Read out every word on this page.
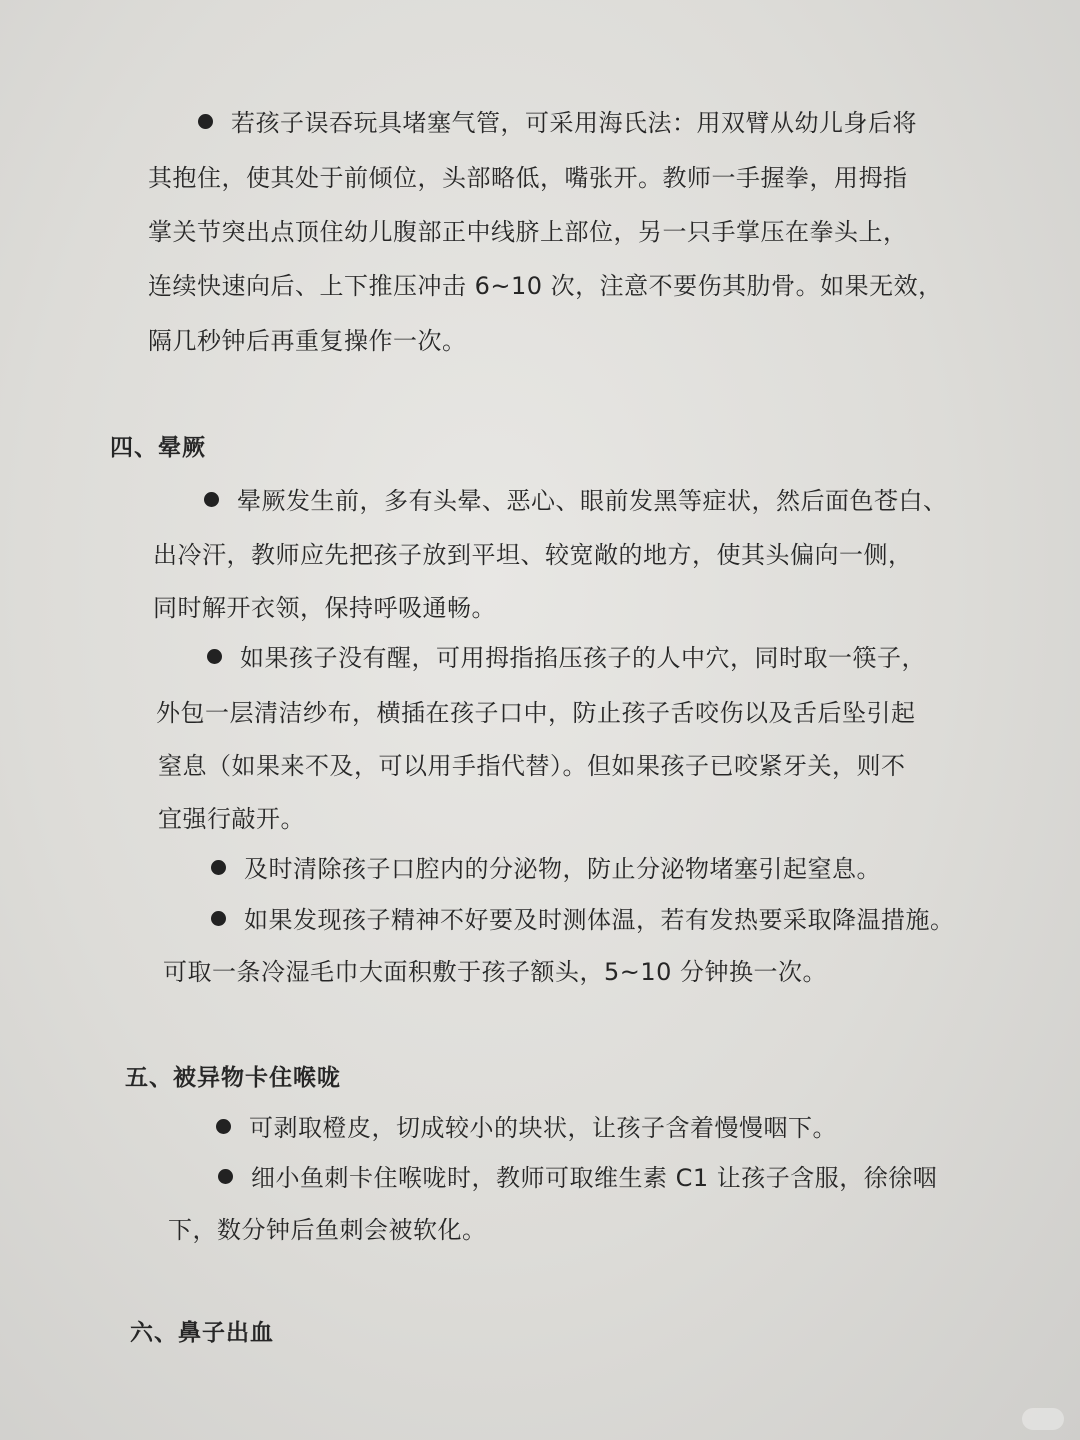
若孩子误吞玩具堵塞气管，可采用海氏法：用双臂从幼儿身后将
其抱住，使其处于前倾位，头部略低，嘴张开。教师一手握拳，用拇指
掌关节突出点顶住幼儿腹部正中线脐上部位，另一只手掌压在拳头上，
连续快速向后、上下推压冲击 6~10 次，注意不要伤其肋骨。如果无效，
隔几秒钟后再重复操作一次。
四、晕厥
晕厥发生前，多有头晕、恶心、眼前发黑等症状，然后面色苍白、
出冷汗，教师应先把孩子放到平坦、较宽敞的地方，使其头偏向一侧，
同时解开衣领，保持呼吸通畅。
如果孩子没有醒，可用拇指掐压孩子的人中穴，同时取一筷子，
外包一层清洁纱布，横插在孩子口中，防止孩子舌咬伤以及舌后坠引起
窒息（如果来不及，可以用手指代替）。但如果孩子已咬紧牙关，则不
宜强行敲开。
及时清除孩子口腔内的分泌物，防止分泌物堵塞引起窒息。
如果发现孩子精神不好要及时测体温，若有发热要采取降温措施。
可取一条冷湿毛巾大面积敷于孩子额头，5~10 分钟换一次。
五、被异物卡住喉咙
可剥取橙皮，切成较小的块状，让孩子含着慢慢咽下。
细小鱼刺卡住喉咙时，教师可取维生素 C1 让孩子含服，徐徐咽
下，数分钟后鱼刺会被软化。
六、鼻子出血
